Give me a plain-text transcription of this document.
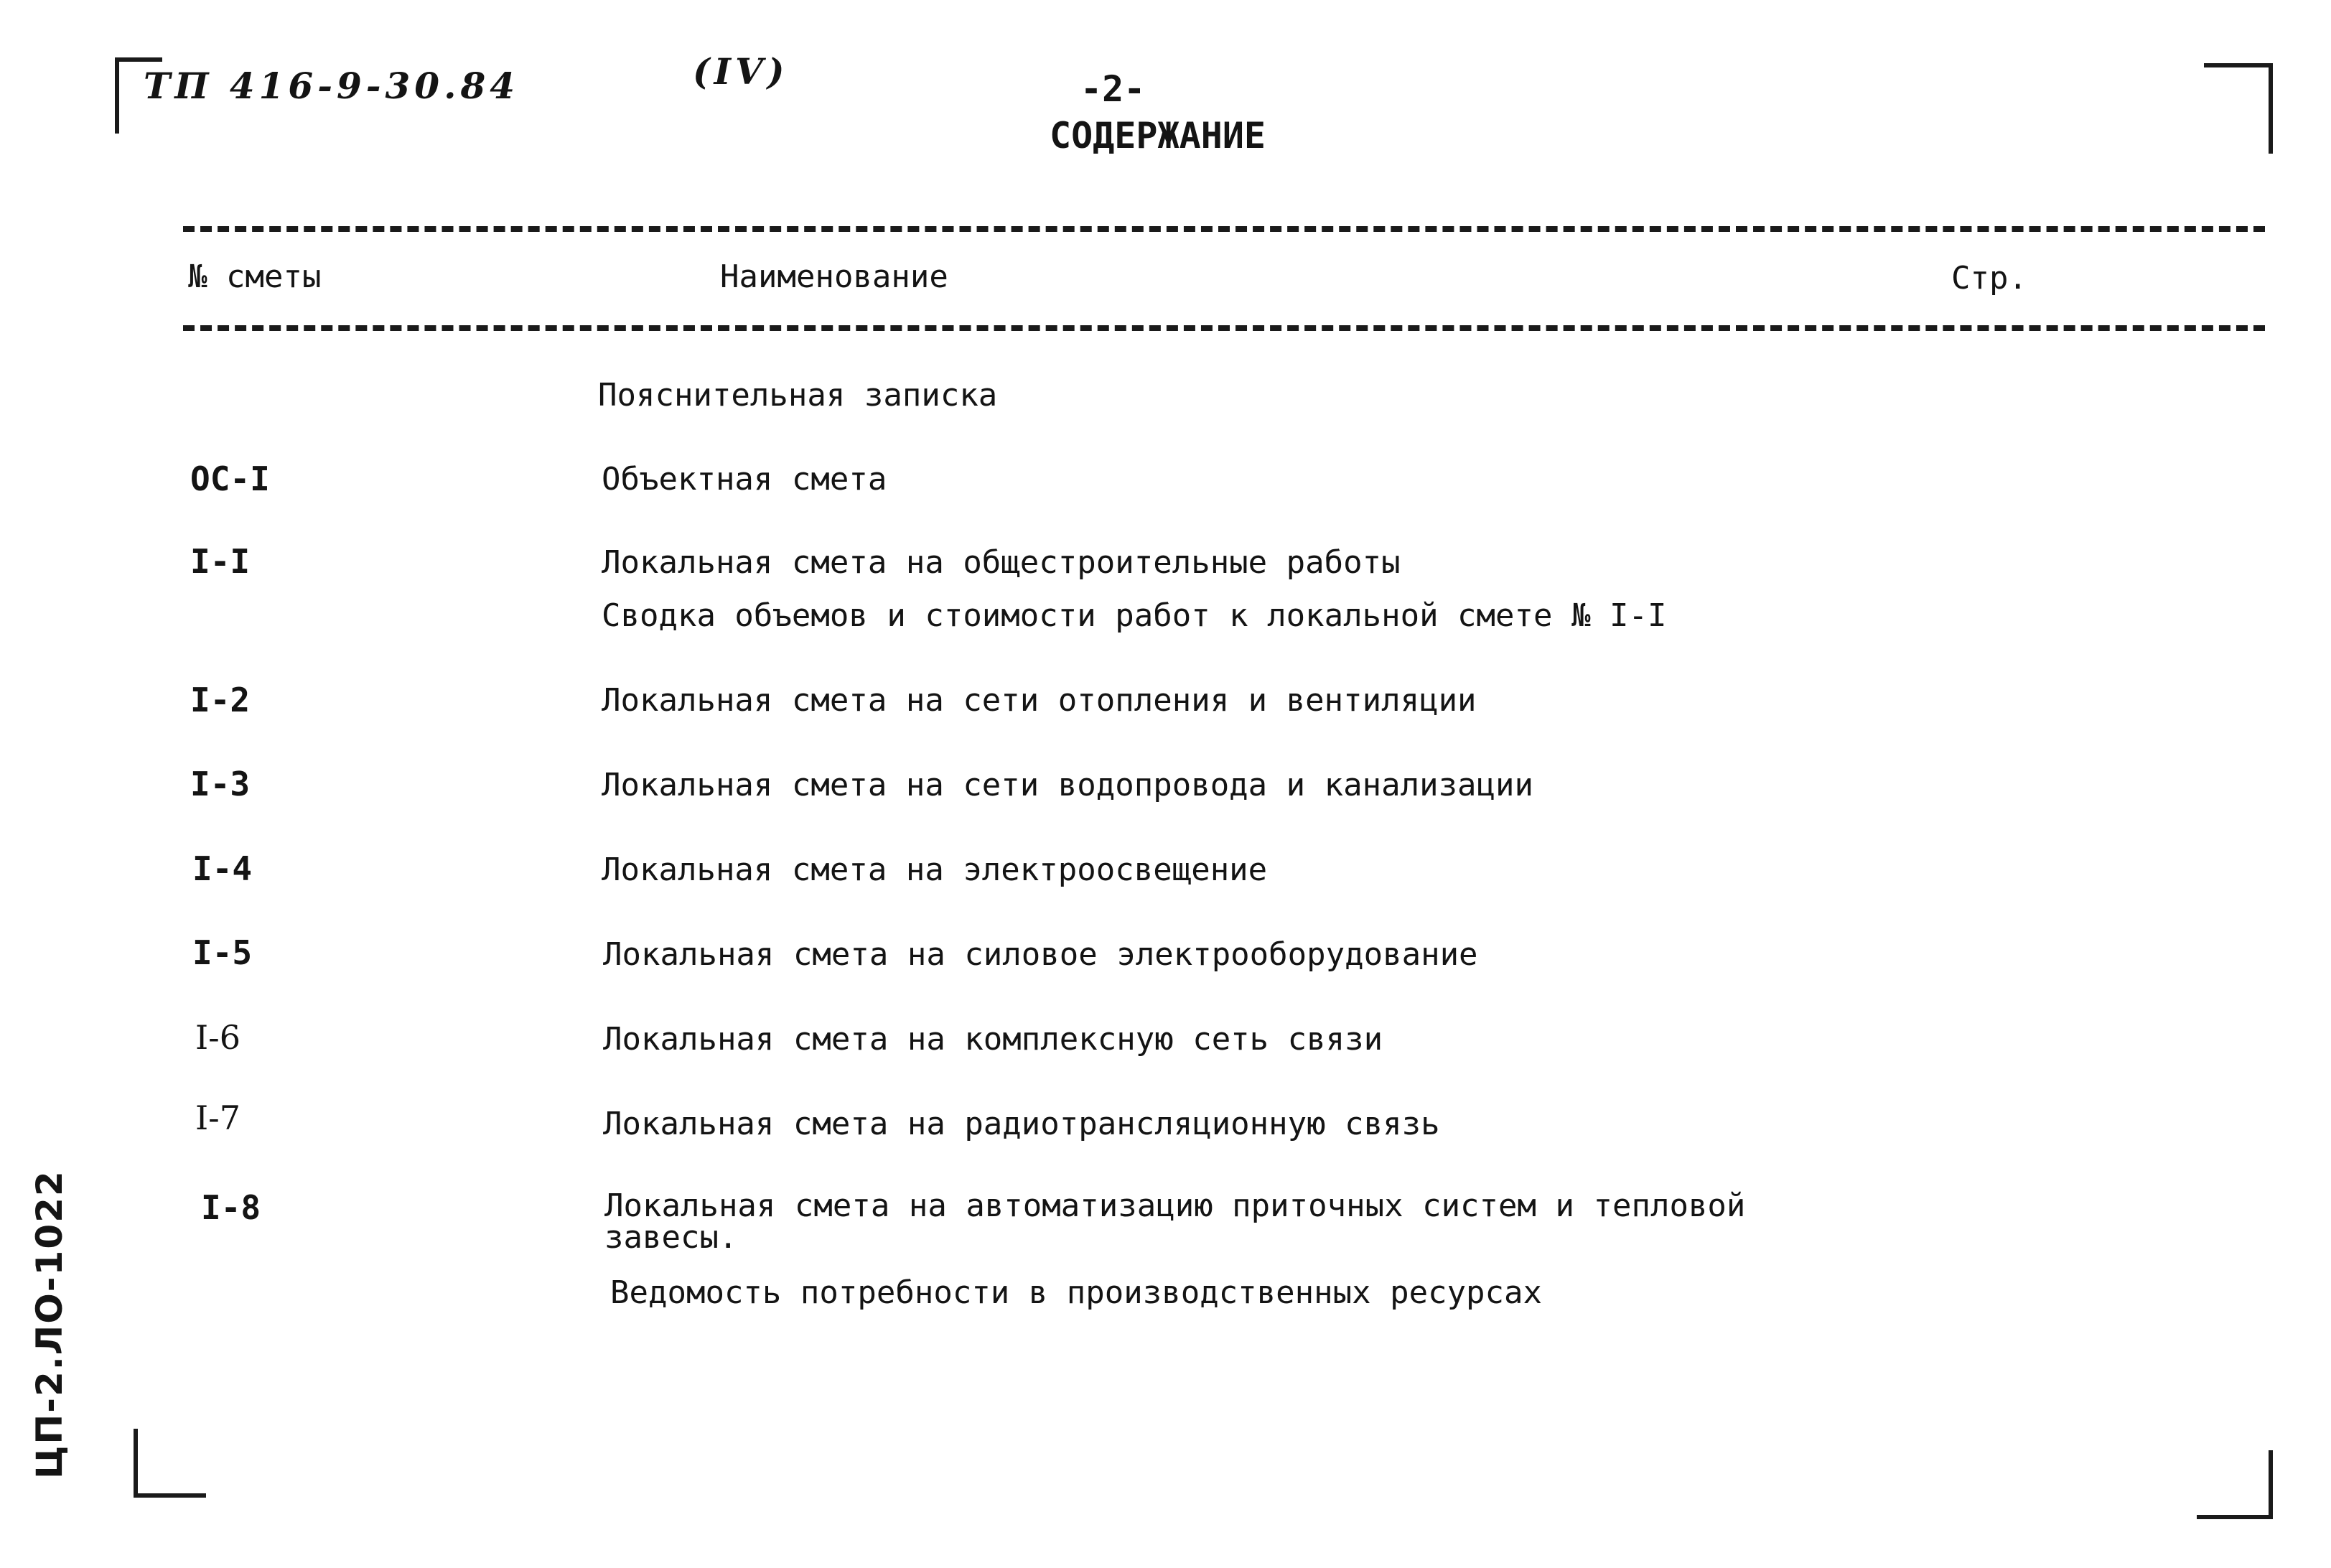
ТП 416-9-30.84	(IV)	-2-
СОДЕРЖАНИЕ
№ сметы	Наименование	Стр.
Пояснительная записка
ОС-I	Объектная смета
I-I	Локальная смета на общестроительные работы
Сводка объемов и стоимости работ к локальной смете № I-I
I-2	Локальная смета на сети отопления и вентиляции
I-3	Локальная смета на сети водопровода и канализации
I-4	Локальная смета на электроосвещение
I-5	Локальная смета на силовое электрооборудование
I-6	Локальная смета на комплексную сеть связи
I-7	Локальная смета на радиотрансляционную связь
I-8	Локальная смета на автоматизацию приточных систем и тепловой завесы.
Ведомость потребности в производственных ресурсах
ЦП-2.ЛО-1022
